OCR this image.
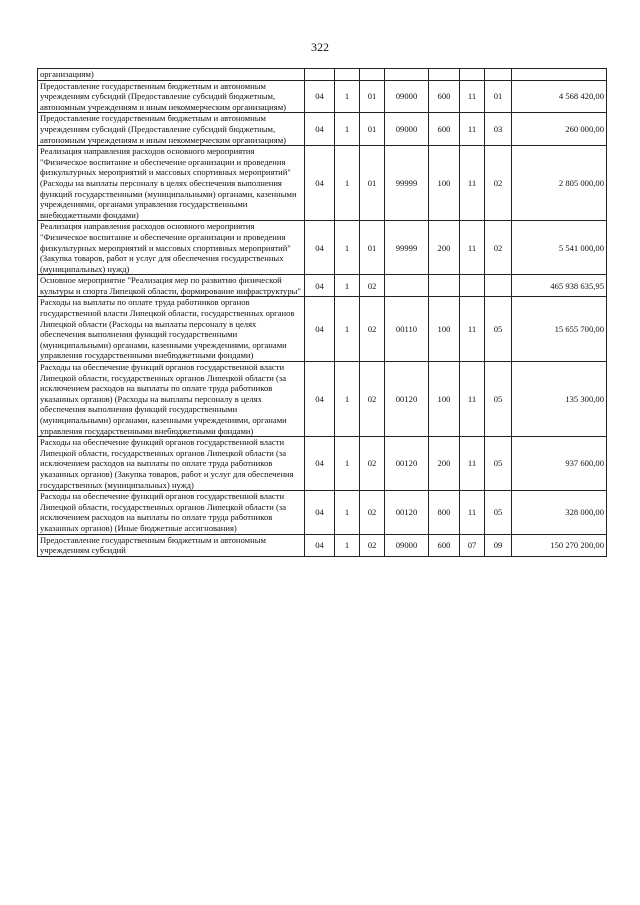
322
организациям)								
Предоставление государственным бюджетным и автономным учреждениям субсидий (Предоставление субсидий бюджетным, автономным учреждениям и иным некоммерческим организациям)	04	1	01	09000	600	11	01	4 568 420,00
Предоставление государственным бюджетным и автономным учреждениям субсидий (Предоставление субсидий бюджетным, автономным учреждениям и иным некоммерческим организациям)	04	1	01	09000	600	11	03	260 000,00
Реализация направления расходов основного мероприятия "Физическое воспитание и обеспечение организации и проведения физкультурных мероприятий и массовых спортивных мероприятий" (Расходы на выплаты персоналу в целях обеспечения выполнения функций государственными (муниципальными) органами, казенными учреждениями, органами управления государственными внебюджетными фондами)	04	1	01	99999	100	11	02	2 805 000,00
Реализация направления расходов основного мероприятия "Физическое воспитание и обеспечение организации и проведения физкультурных мероприятий и массовых спортивных мероприятий" (Закупка товаров, работ и услуг для обеспечения государственных (муниципальных) нужд)	04	1	01	99999	200	11	02	5 541 000,00
Основное мероприятие "Реализация мер по развитию физической культуры и спорта Липецкой области, формирование инфраструктуры"	04	1	02					465 938 635,95
Расходы на выплаты по оплате труда работников органов государственной власти Липецкой области, государственных органов Липецкой области (Расходы на выплаты персоналу в целях обеспечения выполнения функций государственными (муниципальными) органами, казенными учреждениями, органами управления государственными внебюджетными фондами)	04	1	02	00110	100	11	05	15 655 700,00
Расходы на обеспечение функций органов государственной власти Липецкой области, государственных органов Липецкой области (за исключением расходов на выплаты по оплате труда работников указанных органов) (Расходы на выплаты персоналу в целях обеспечения выполнения функций государственными (муниципальными) органами, казенными учреждениями, органами управления государственными внебюджетными фондами)	04	1	02	00120	100	11	05	135 300,00
Расходы на обеспечение функций органов государственной власти Липецкой области, государственных органов Липецкой области (за исключением расходов на выплаты по оплате труда работников указанных органов) (Закупка товаров, работ и услуг для обеспечения государственных (муниципальных) нужд)	04	1	02	00120	200	11	05	937 600,00
Расходы на обеспечение функций органов государственной власти Липецкой области, государственных органов Липецкой области (за исключением расходов на выплаты по оплате труда работников указанных органов) (Иные бюджетные ассигнования)	04	1	02	00120	800	11	05	328 000,00
Предоставление государственным бюджетным и автономным учреждениям субсидий	04	1	02	09000	600	07	09	150 270 200,00
